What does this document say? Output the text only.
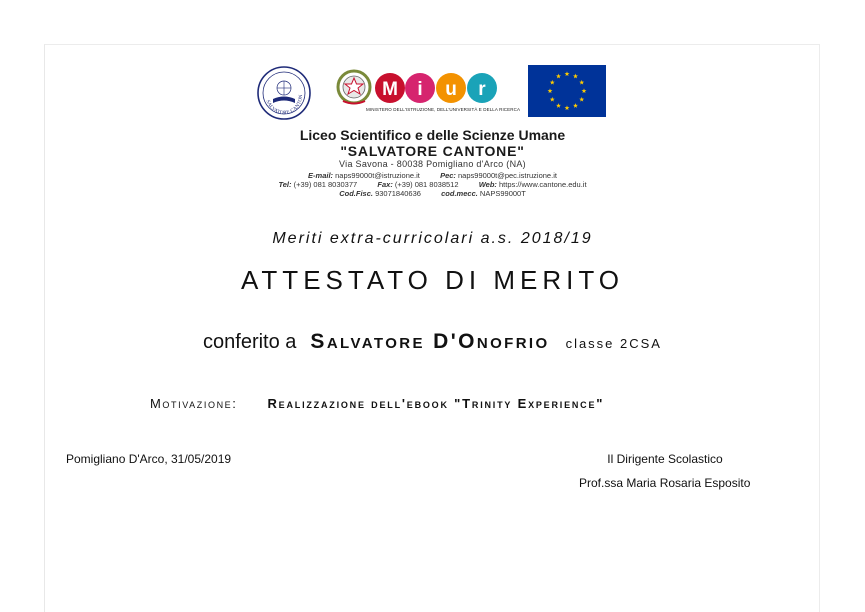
SALVATORE CANTON	M i u r
MINISTERO DELL'ISTRUZIONE, DELL'UNIVERSITÀ E DELLA RICERCA
Liceo Scientifico e delle Scienze Umane
"SALVATORE CANTONE"
Via Savona - 80038 Pomigliano d'Arco (NA)
E-mail: naps99000t@istruzione.it	Pec: naps99000t@pec.istruzione.it
Tel: (+39) 081 8030377	Fax: (+39) 081 8038512	Web: https://www.cantone.edu.it
Cod.Fisc. 93071840636	cod.mecc. NAPS99000T
Meriti extra-curricolari a.s. 2018/19
ATTESTATO DI MERITO
conferito a Salvatore D'Onofrio classe 2CSA
Motivazione: Realizzazione dell'ebook "Trinity Experience"
Pomigliano D'Arco, 31/05/2019	Il Dirigente Scolastico
Prof.ssa Maria Rosaria Esposito
